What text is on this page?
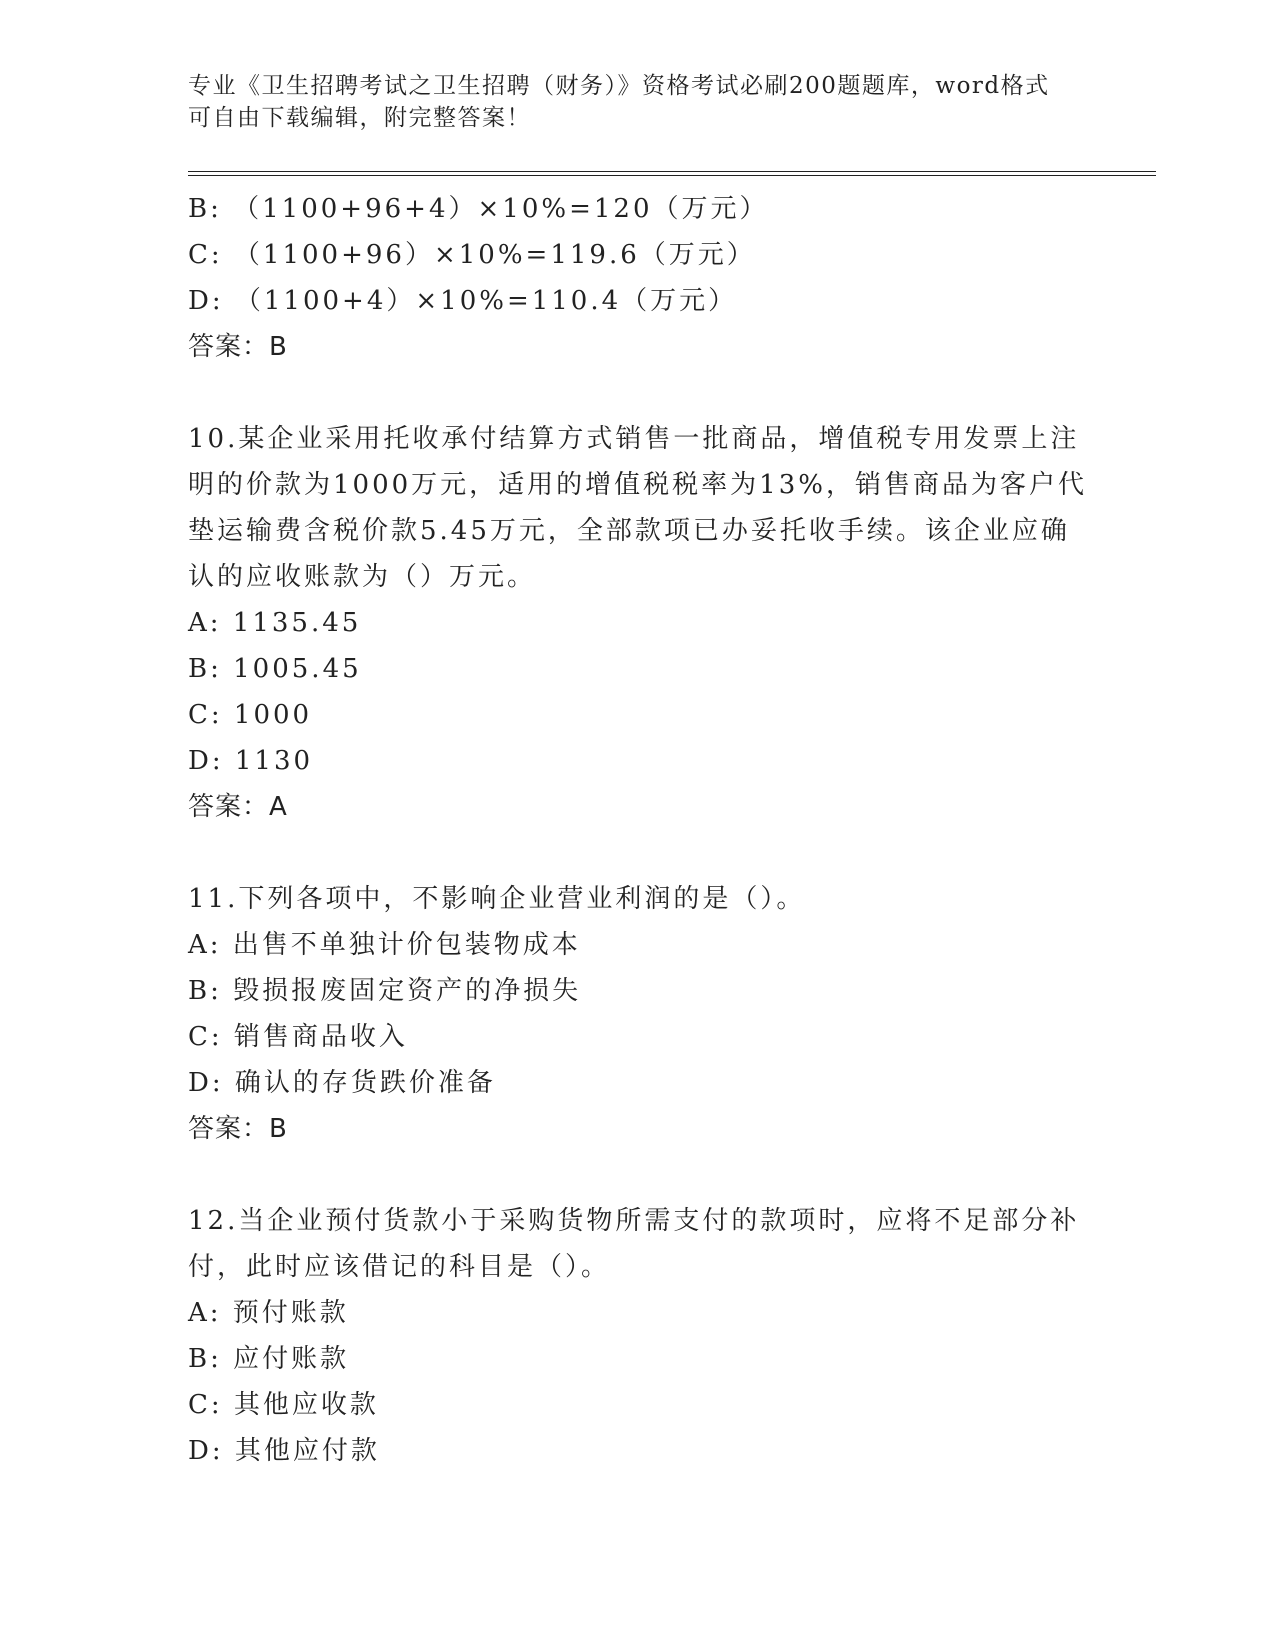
专业《卫生招聘考试之卫生招聘（财务）》资格考试必刷200题题库，word格式
可自由下载编辑，附完整答案！
B: （1100+96+4）×10%=120（万元）
C: （1100+96）×10%=119.6（万元）
D: （1100+4）×10%=110.4（万元）
答案：B
10.某企业采用托收承付结算方式销售一批商品，增值税专用发票上注
明的价款为1000万元，适用的增值税税率为13%，销售商品为客户代
垫运输费含税价款5.45万元，全部款项已办妥托收手续。该企业应确
认的应收账款为（）万元。
A: 1135.45
B: 1005.45
C: 1000
D: 1130
答案：A
11.下列各项中，不影响企业营业利润的是（）。
A: 出售不单独计价包装物成本
B: 毁损报废固定资产的净损失
C: 销售商品收入
D: 确认的存货跌价准备
答案：B
12.当企业预付货款小于采购货物所需支付的款项时，应将不足部分补
付，此时应该借记的科目是（）。
A: 预付账款
B: 应付账款
C: 其他应收款
D: 其他应付款
